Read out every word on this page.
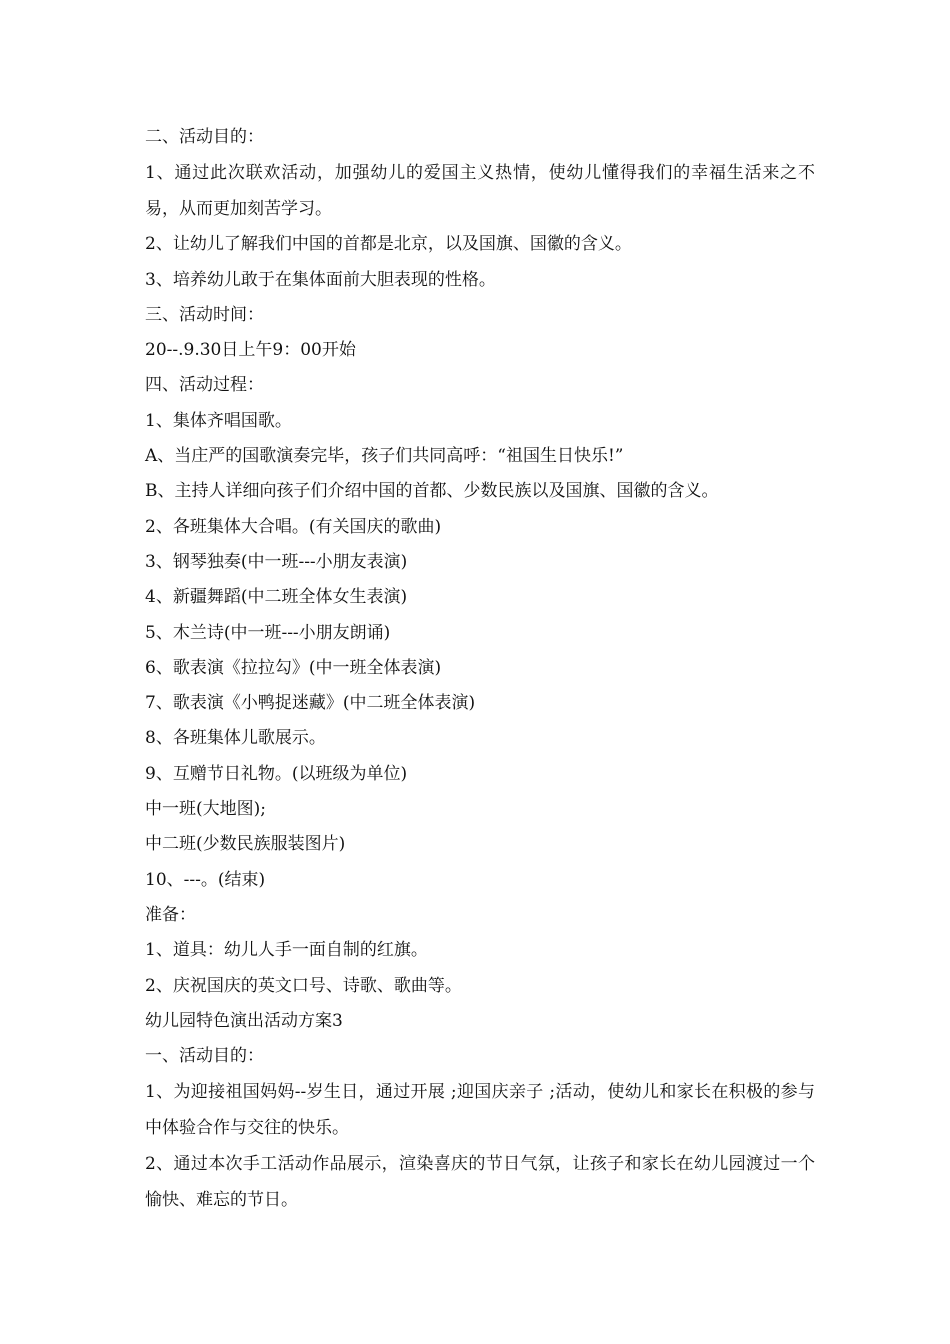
二、活动目的：

1、通过此次联欢活动，加强幼儿的爱国主义热情，使幼儿懂得我们的幸福生活来之不易，从而更加刻苦学习。

2、让幼儿了解我们中国的首都是北京，以及国旗、国徽的含义。
3、培养幼儿敢于在集体面前大胆表现的性格。
三、活动时间：
20--.9.30日上午9：00开始
四、活动过程：
1、集体齐唱国歌。
A、当庄严的国歌演奏完毕，孩子们共同高呼：“祖国生日快乐!”
B、主持人详细向孩子们介绍中国的首都、少数民族以及国旗、国徽的含义。
2、各班集体大合唱。(有关国庆的歌曲)
3、钢琴独奏(中一班---小朋友表演)
4、新疆舞蹈(中二班全体女生表演)
5、木兰诗(中一班---小朋友朗诵)
6、歌表演《拉拉勾》(中一班全体表演)
7、歌表演《小鸭捉迷藏》(中二班全体表演)
8、各班集体儿歌展示。
9、互赠节日礼物。(以班级为单位)
中一班(大地图);
中二班(少数民族服装图片)
10、---。(结束)
准备：
1、道具：幼儿人手一面自制的红旗。
2、庆祝国庆的英文口号、诗歌、歌曲等。
幼儿园特色演出活动方案3
一、活动目的：

1、为迎接祖国妈妈--岁生日，通过开展 ;迎国庆亲子 ;活动，使幼儿和家长在积极的参与中体验合作与交往的快乐。

2、通过本次手工活动作品展示，渲染喜庆的节日气氛，让孩子和家长在幼儿园渡过一个愉快、难忘的节日。
